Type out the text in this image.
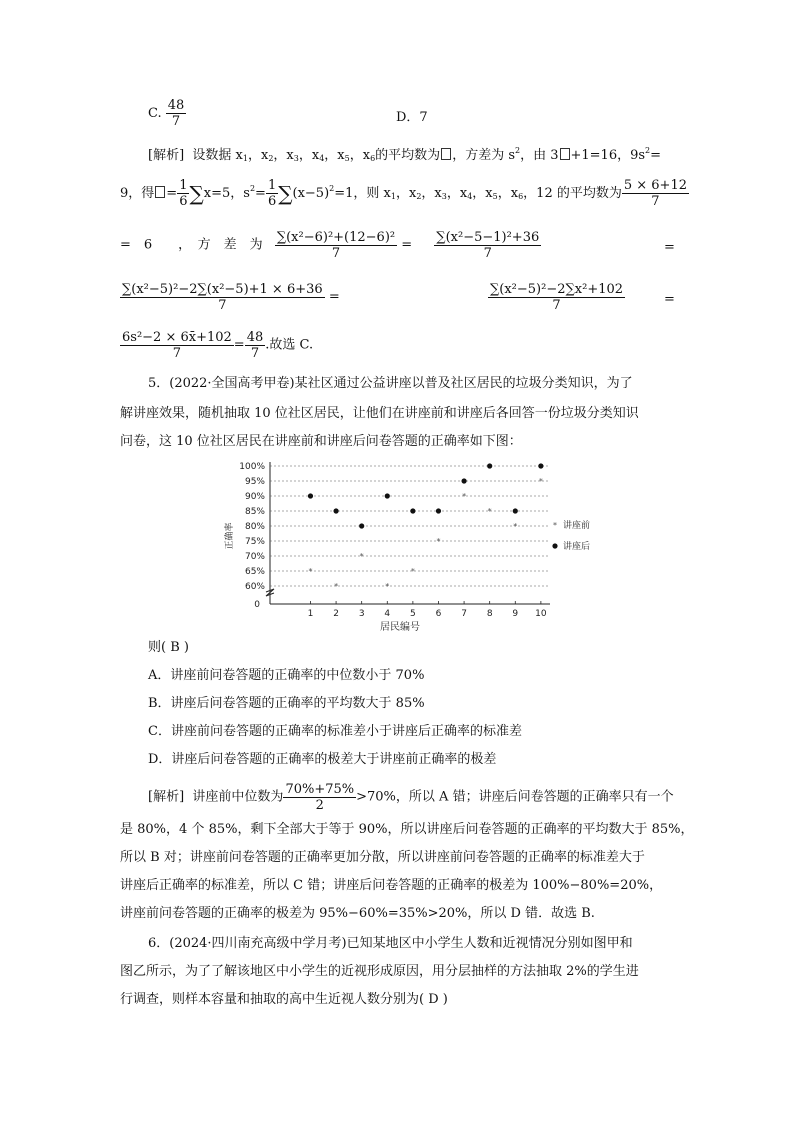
C. $\frac{48}{7}$	D．7
[解析] 设数据 $x_1$，$x_2$，$x_3$，$x_4$，$x_5$，$x_6$的平均数为 ，方差为 $s^2$，由 3 +1=16，$9s^2=$
9，得 = $\frac{1}{6} \sum x=5$，$s^2= \frac{1}{6} \sum(x-5)^2=1$，则 $x_1$，$x_2$，$x_3$，$x_4$，$x_5$，$x_6$，12 的平均数为 $\frac{5 \times 6+12}{7}$
=　6　　，　方　差　为 $\frac{\text{∑(x²−6)²+(12−6)²}}{7} = \frac{\text{∑(x²−5−1)²+36}}{7}$	=
$\frac{\text{∑(x²−5)²−2∑(x²−5)+1 × 6+36}}{7}$ =	$\frac{\text{∑(x²−5)²−2∑x²+102}}{7}$	=
$\frac{\text{6s²−2 × 6x̄+102}}{7} = \frac{48}{7}$ .故选 C.
5．(2022·全国高考甲卷)某社区通过公益讲座以普及社区居民的垃圾分类知识，为了
解讲座效果，随机抽取 10 位社区居民，让他们在讲座前和讲座后各回答一份垃圾分类知识
问卷，这 10 位社区居民在讲座前和讲座后问卷答题的正确率如下图：
60%
65%
70%
75%
80%
85%
90%
95%
100%
0
1 2 3 4 5 6 7 8 9 10
居民编号
正确率
*
*
*
*
*
*
*
*
*
*
* 讲座前
讲座后
则( B )
A．讲座前问卷答题的正确率的中位数小于 70%
B．讲座后问卷答题的正确率的平均数大于 85%
C．讲座前问卷答题的正确率的标准差小于讲座后正确率的标准差
D．讲座后问卷答题的正确率的极差大于讲座前正确率的极差
[解析] 讲座前中位数为 $\frac{70\%+75\%}{2} >70\%$，所以 A 错；讲座后问卷答题的正确率只有一个
是 80%，4 个 85%，剩下全部大于等于 90%，所以讲座后问卷答题的正确率的平均数大于 85%，
所以 B 对；讲座前问卷答题的正确率更加分散，所以讲座前问卷答题的正确率的标准差大于
讲座后正确率的标准差，所以 C 错；讲座后问卷答题的正确率的极差为 100%−80%=20%，
讲座前问卷答题的正确率的极差为 95%−60%=35%>20%，所以 D 错．故选 B.
6．(2024·四川南充高级中学月考)已知某地区中小学生人数和近视情况分别如图甲和
图乙所示，为了了解该地区中小学生的近视形成原因，用分层抽样的方法抽取 2%的学生进
行调查，则样本容量和抽取的高中生近视人数分别为( D )
